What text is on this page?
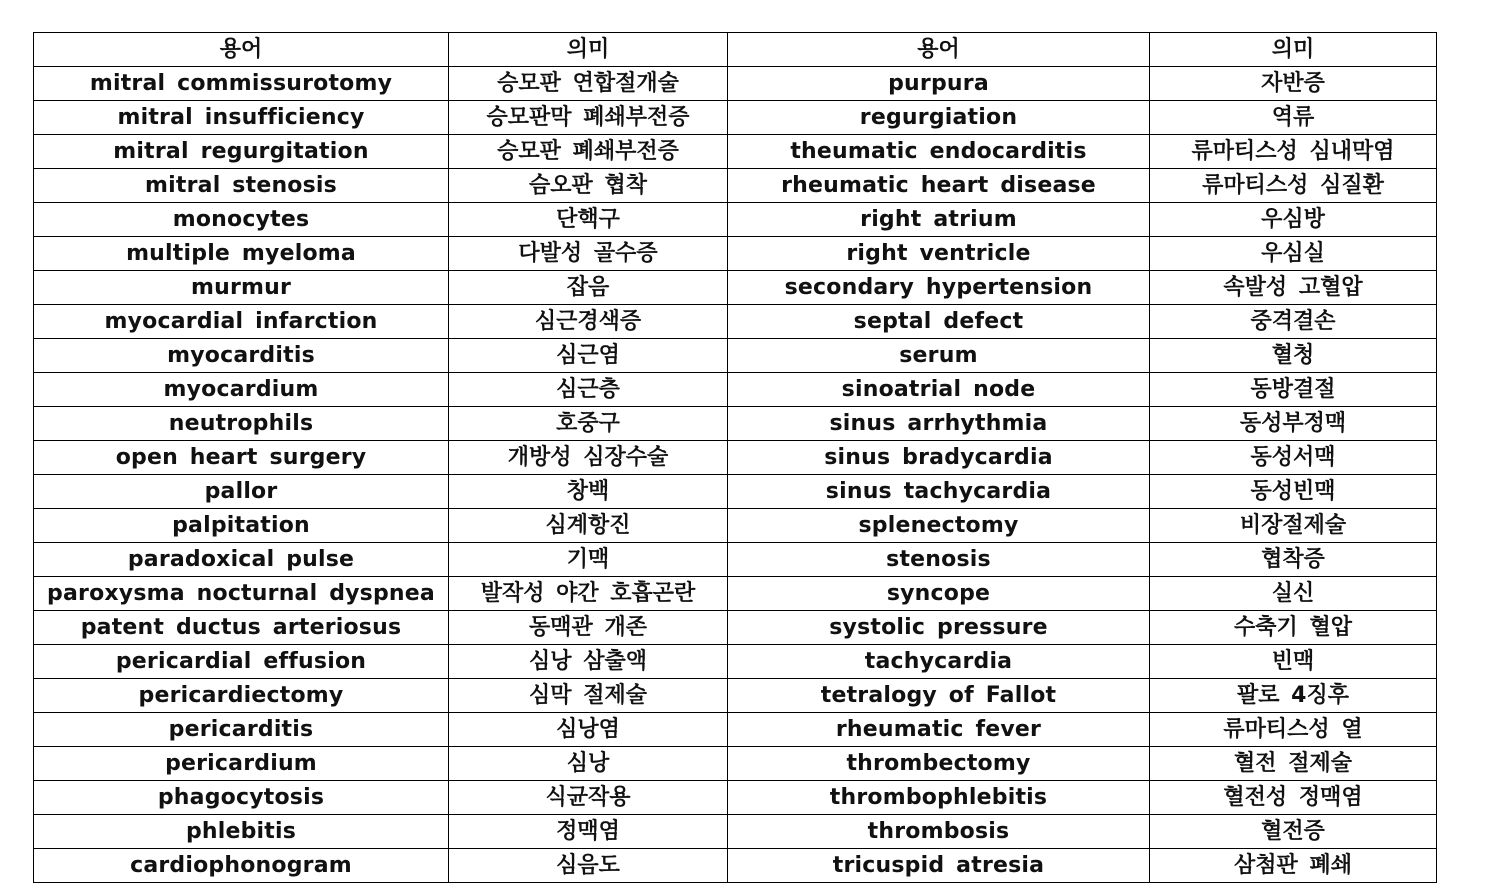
용어	의미	용어	의미
mitral commissurotomy	승모판 연합절개술	purpura	자반증
mitral insufficiency	승모판막 폐쇄부전증	regurgiation	역류
mitral regurgitation	승모판 폐쇄부전증	theumatic endocarditis	류마티스성 심내막염
mitral stenosis	슴오판 협착	rheumatic heart disease	류마티스성 심질환
monocytes	단핵구	right atrium	우심방
multiple myeloma	다발성 골수증	right ventricle	우심실
murmur	잡음	secondary hypertension	속발성 고혈압
myocardial infarction	심근경색증	septal defect	중격결손
myocarditis	심근염	serum	혈청
myocardium	심근층	sinoatrial node	동방결절
neutrophils	호중구	sinus arrhythmia	동성부정맥
open heart surgery	개방성 심장수술	sinus bradycardia	동성서맥
pallor	창백	sinus tachycardia	동성빈맥
palpitation	심계항진	splenectomy	비장절제술
paradoxical pulse	기맥	stenosis	협착증
paroxysma nocturnal dyspnea	발작성 야간 호흡곤란	syncope	실신
patent ductus arteriosus	동맥관 개존	systolic pressure	수축기 혈압
pericardial effusion	심낭 삼출액	tachycardia	빈맥
pericardiectomy	심막 절제술	tetralogy of Fallot	팔로 4징후
pericarditis	심낭염	rheumatic fever	류마티스성 열
pericardium	심낭	thrombectomy	혈전 절제술
phagocytosis	식균작용	thrombophlebitis	혈전성 정맥염
phlebitis	정맥염	thrombosis	혈전증
cardiophonogram	심음도	tricuspid atresia	삼첨판 폐쇄
